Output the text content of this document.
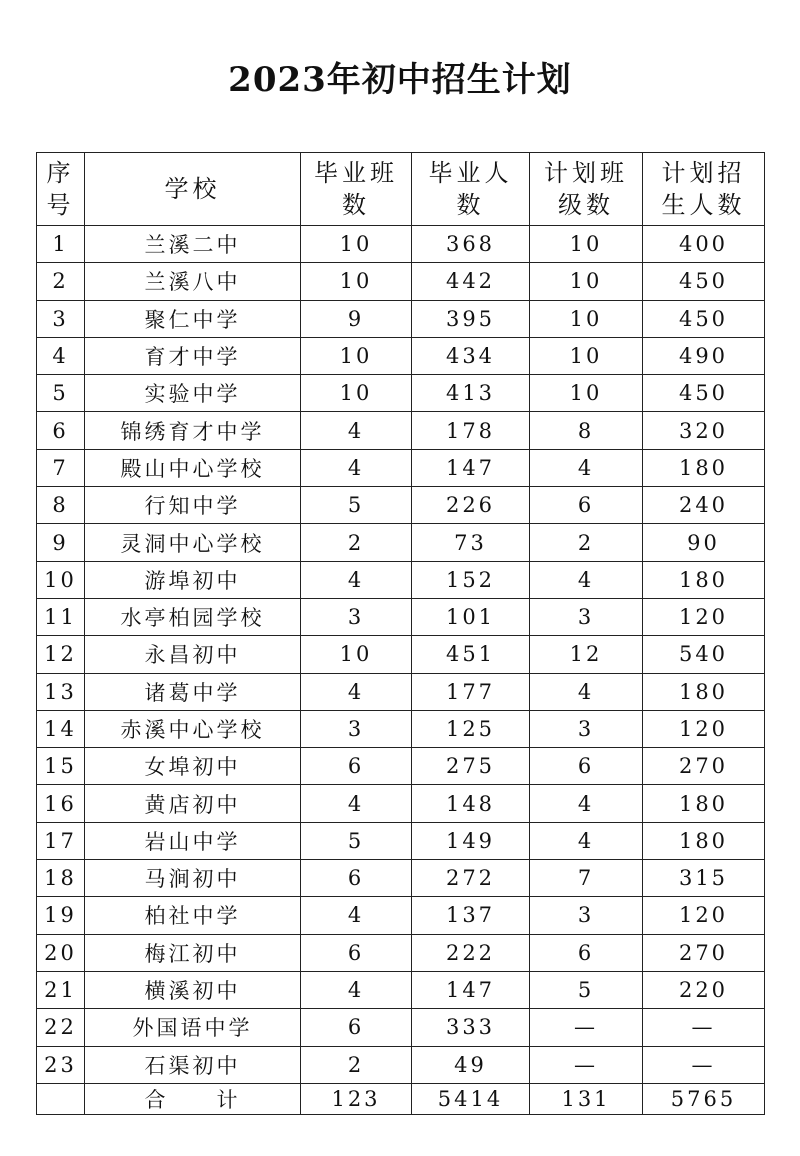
2023年初中招生计划
序号	学校	毕业班数	毕业人数	计划班级数	计划招生人数
1	兰溪二中	10	368	10	400
2	兰溪八中	10	442	10	450
3	聚仁中学	9	395	10	450
4	育才中学	10	434	10	490
5	实验中学	10	413	10	450
6	锦绣育才中学	4	178	8	320
7	殿山中心学校	4	147	4	180
8	行知中学	5	226	6	240
9	灵洞中心学校	2	73	2	90
10	游埠初中	4	152	4	180
11	水亭柏园学校	3	101	3	120
12	永昌初中	10	451	12	540
13	诸葛中学	4	177	4	180
14	赤溪中心学校	3	125	3	120
15	女埠初中	6	275	6	270
16	黄店初中	4	148	4	180
17	岩山中学	5	149	4	180
18	马涧初中	6	272	7	315
19	柏社中学	4	137	3	120
20	梅江初中	6	222	6	270
21	横溪初中	4	147	5	220
22	外国语中学	6	333	—	—
23	石渠初中	2	49	—	—
	合 计	123	5414	131	5765
